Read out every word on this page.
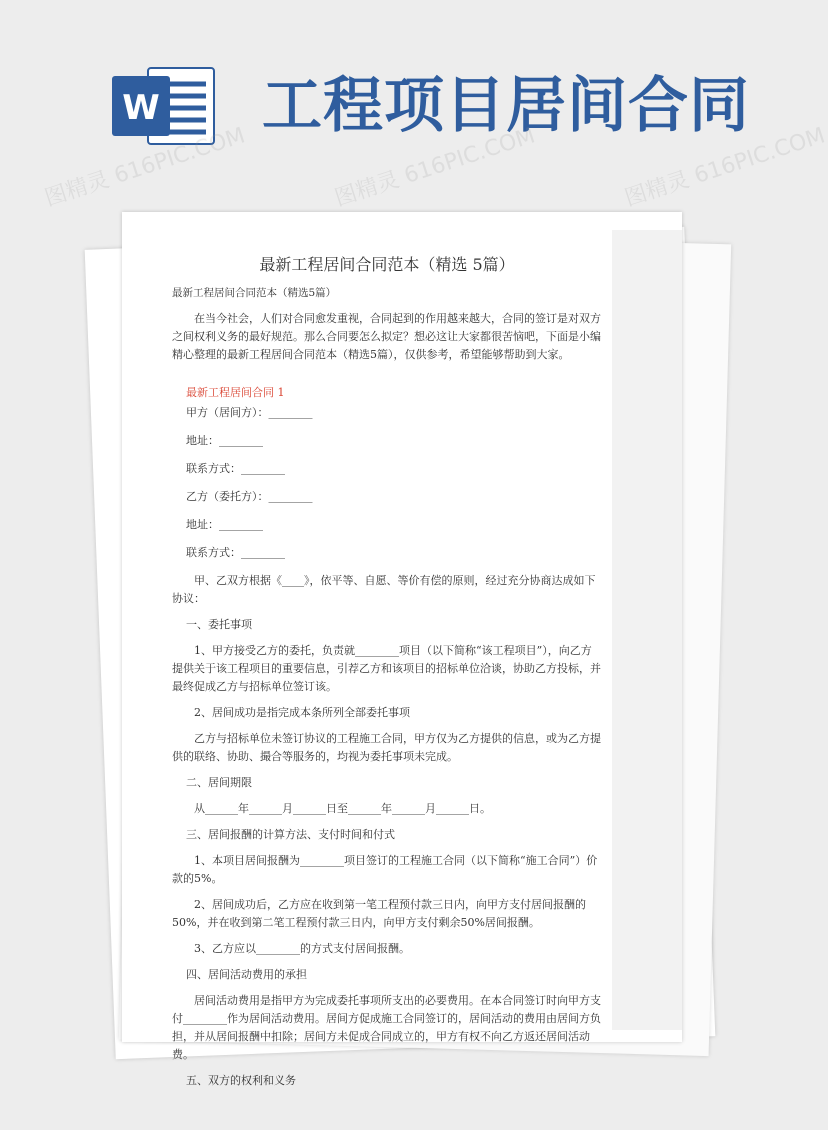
W 工程项目居间合同
图精灵 616PIC.COM	图精灵 616PIC.COM	图精灵 616PIC.COM
最新工程居间合同范本（精选 5篇）
最新工程居间合同范本（精选5篇）

在当今社会，人们对合同愈发重视，合同起到的作用越来越大，合同的签订是对双方之间权利义务的最好规范。那么合同要怎么拟定？想必这让大家都很苦恼吧，下面是小编精心整理的最新工程居间合同范本（精选5篇），仅供参考，希望能够帮助到大家。

最新工程居间合同 1
甲方（居间方）：________
地址：________
联系方式：________
乙方（委托方）：________
地址：________
联系方式：________

甲、乙双方根据《____》，依平等、自愿、等价有偿的原则，经过充分协商达成如下协议：

一、委托事项

1、甲方接受乙方的委托，负责就________项目（以下简称“该工程项目”），向乙方提供关于该工程项目的重要信息，引荐乙方和该项目的招标单位洽谈，协助乙方投标，并最终促成乙方与招标单位签订该。

2、居间成功是指完成本条所列全部委托事项

乙方与招标单位未签订协议的工程施工合同，甲方仅为乙方提供的信息，或为乙方提供的联络、协助、撮合等服务的，均视为委托事项未完成。

二、居间期限

从______年______月______日至______年______月______日。

三、居间报酬的计算方法、支付时间和付式

1、本项目居间报酬为________项目签订的工程施工合同（以下简称“施工合同”）价款的5%。

2、居间成功后，乙方应在收到第一笔工程预付款三日内，向甲方支付居间报酬的50%，并在收到第二笔工程预付款三日内，向甲方支付剩余50%居间报酬。

3、乙方应以________的方式支付居间报酬。

四、居间活动费用的承担

居间活动费用是指甲方为完成委托事项所支出的必要费用。在本合同签订时向甲方支付________作为居间活动费用。居间方促成施工合同签订的，居间活动的费用由居间方负担，并从居间报酬中扣除；居间方未促成合同成立的，甲方有权不向乙方返还居间活动费。

五、双方的权利和义务
